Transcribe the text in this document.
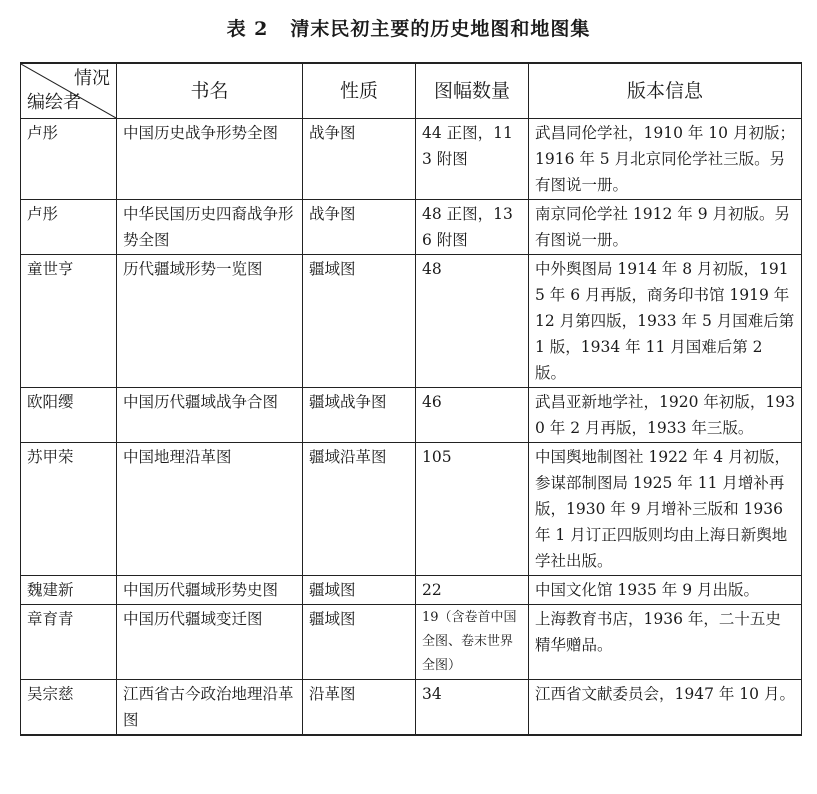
表 2 清末民初主要的历史地图和地图集
情况
编绘者	书名	性质	图幅数量	版本信息
卢彤	中国历史战争形势全图	战争图	44 正图，113 附图	武昌同伦学社，1910 年 10 月初版；1916 年 5 月北京同伦学社三版。另有图说一册。
卢彤	中华民国历史四裔战争形势全图	战争图	48 正图，136 附图	南京同伦学社 1912 年 9 月初版。另有图说一册。
童世亨	历代疆域形势一览图	疆域图	48	中外舆图局 1914 年 8 月初版，1915 年 6 月再版，商务印书馆 1919 年 12 月第四版，1933 年 5 月国难后第 1 版，1934 年 11 月国难后第 2 版。
欧阳缨	中国历代疆域战争合图	疆域战争图	46	武昌亚新地学社，1920 年初版，1930 年 2 月再版，1933 年三版。
苏甲荣	中国地理沿革图	疆域沿革图	105	中国舆地制图社 1922 年 4 月初版，参谋部制图局 1925 年 11 月增补再版，1930 年 9 月增补三版和 1936 年 1 月订正四版则均由上海日新舆地学社出版。
魏建新	中国历代疆域形势史图	疆域图	22	中国文化馆 1935 年 9 月出版。
章育青	中国历代疆域变迁图	疆域图	19（含卷首中国全图、卷末世界全图）	上海教育书店，1936 年，二十五史精华赠品。
吴宗慈	江西省古今政治地理沿革图	沿革图	34	江西省文献委员会，1947 年 10 月。
